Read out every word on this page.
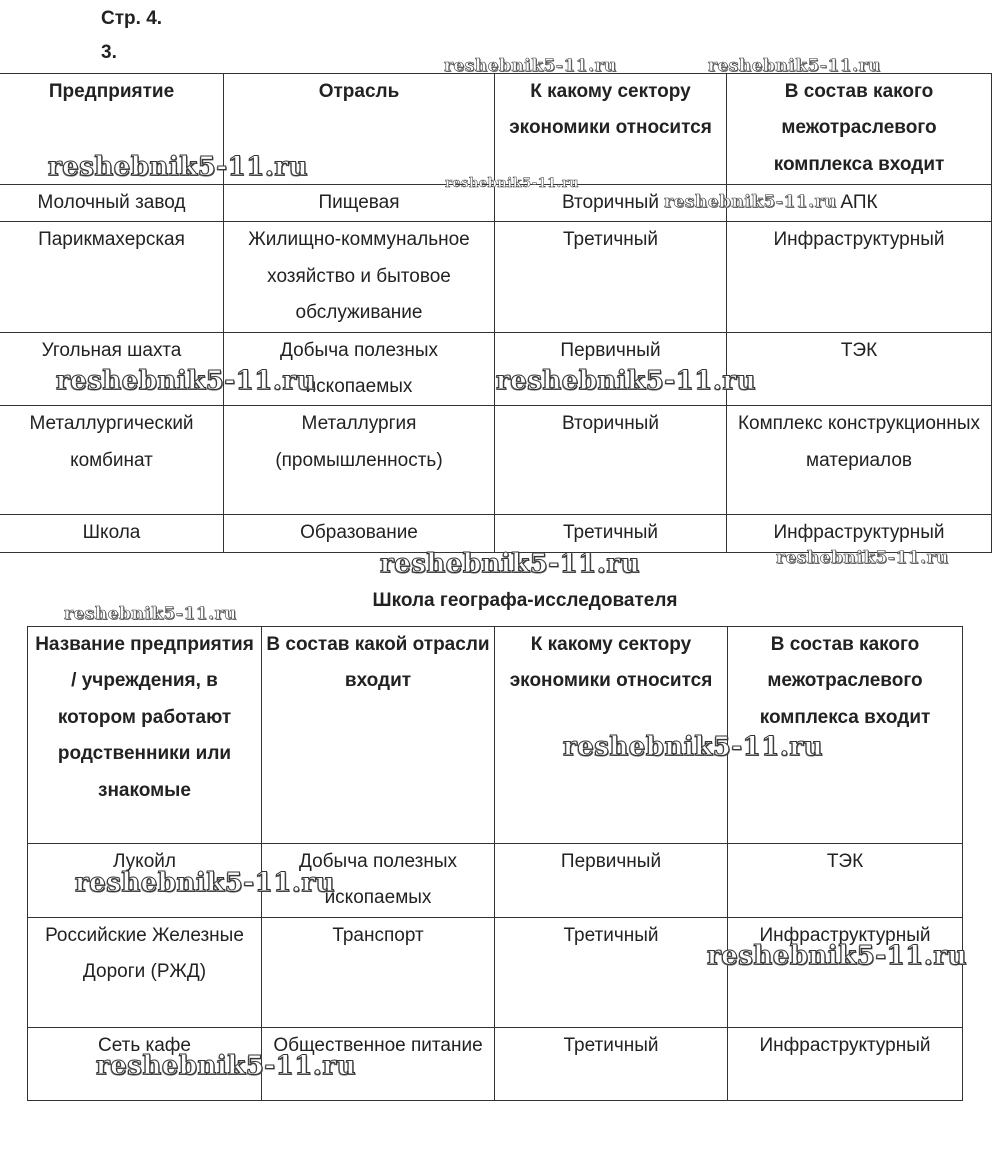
Стр. 4.
3.
Предприятие	Отрасль	К какому сектору экономики относится	В состав какого межотраслевого комплекса входит
Молочный завод	Пищевая	Вторичный	АПК
Парикмахерская	Жилищно-коммунальное хозяйство и бытовое обслуживание	Третичный	Инфраструктурный
Угольная шахта	Добыча полезных ископаемых	Первичный	ТЭК
Металлургический комбинат	Металлургия (промышленность)	Вторичный	Комплекс конструкционных материалов
Школа	Образование	Третичный	Инфраструктурный
Школа географа-исследователя
Название предприятия / учреждения, в котором работают родственники или знакомые	В состав какой отрасли входит	К какому сектору экономики относится	В состав какого межотраслевого комплекса входит
Лукойл	Добыча полезных ископаемых	Первичный	ТЭК
Российские Железные Дороги (РЖД)	Транспорт	Третичный	Инфраструктурный
Сеть кафе	Общественное питание	Третичный	Инфраструктурный
reshebnik5-11.ru	reshebnik5-11.ru
reshebnik5-11.ru
reshebnik5-11.ru
reshebnik5-11.ru
reshebnik5-11.ru	reshebnik5-11.ru
reshebnik5-11.ru	reshebnik5-11.ru
reshebnik5-11.ru
reshebnik5-11.ru
reshebnik5-11.ru
reshebnik5-11.ru
reshebnik5-11.ru
